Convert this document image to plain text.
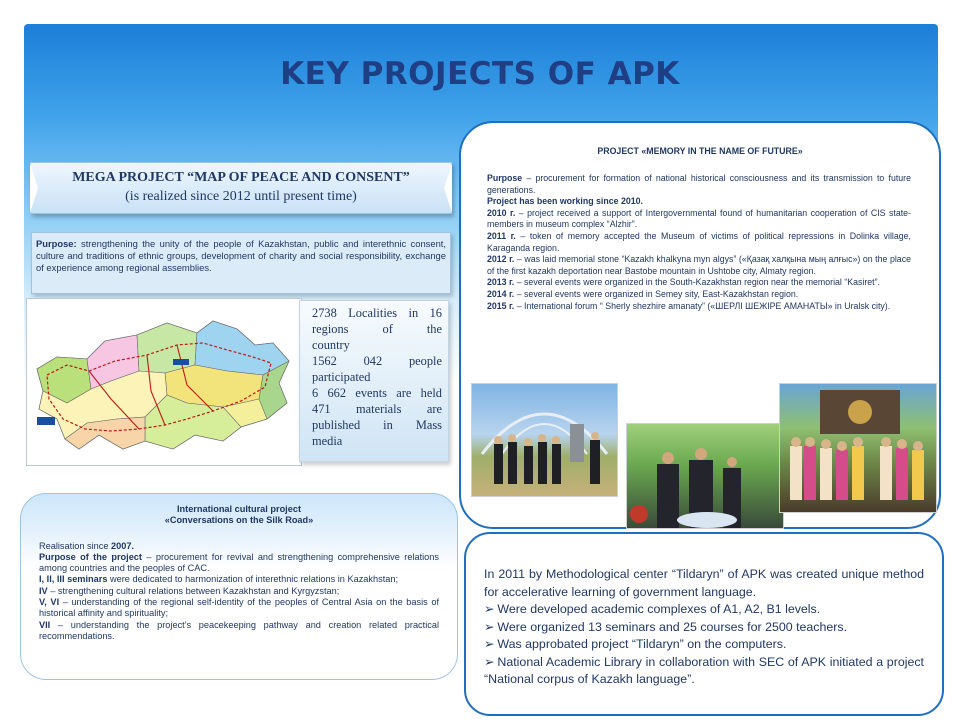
KEY PROJECTS OF APK
MEGA PROJECT “MAP OF PEACE AND CONSENT”
(is realized since 2012 until present time)
Purpose: strengthening the unity of the people of Kazakhstan, public and interethnic consent, culture and traditions of ethnic groups, development of charity and social responsibility, exchange of experience among regional assemblies.
2738 Localities in 16
regions of the
country
1562 042 people
participated
6 662 events are held
471 materials are
published in Mass
media
International cultural project
«Conversations on the Silk Road»
Realisation since 2007.
Purpose of the project – procurement for revival and strengthening comprehensive relations among countries and the peoples of CAC.
I, II, III seminars were dedicated to harmonization of interethnic relations in Kazakhstan;
IV – strengthening cultural relations between Kazakhstan and Kyrgyzstan;
V, VI – understanding of the regional self-identity of the peoples of Central Asia on the basis of historical affinity and spirituality;
VII – understanding the project's peacekeeping pathway and creation related practical recommendations.
PROJECT «MEMORY IN THE NAME OF FUTURE»
Purpose – procurement for formation of national historical consciousness and its transmission to future generations.
Project has been working since 2010.
2010 г. – project received a support of Intergovernmental found of humanitarian cooperation of CIS state-members in museum complex “Alzhir”.
2011 г. – token of memory accepted the Museum of victims of political repressions in Dolinka village, Karaganda region.
2012 г. – was laid memorial stone “Kazakh khalkyna myn algys” («Қазақ халқына мың алғыс») on the place of the first kazakh deportation near Bastobe mountain in Ushtobe city, Almaty region.
2013 г. – several events were organized in the South-Kazakhstan region near the memorial “Kasiret”.
2014 г. – several events were organized in Semey sity, East-Kazakhstan region.
2015 г. – International forum “ Sherly shezhire amanaty” («ШЕРЛІ ШЕЖІРЕ АМАНАТЫ» in Uralsk city).
In 2011 by Methodological center “Tildaryn” of APK was created unique method for accelerative learning of government language.
➢ Were developed academic complexes of A1, A2, B1 levels.
➢ Were organized 13 seminars and 25 courses for 2500 teachers.
➢ Was approbated project “Tildaryn” on the computers.
➢ National Academic Library in collaboration with SEC of APK initiated a project “National corpus of Kazakh language”.
